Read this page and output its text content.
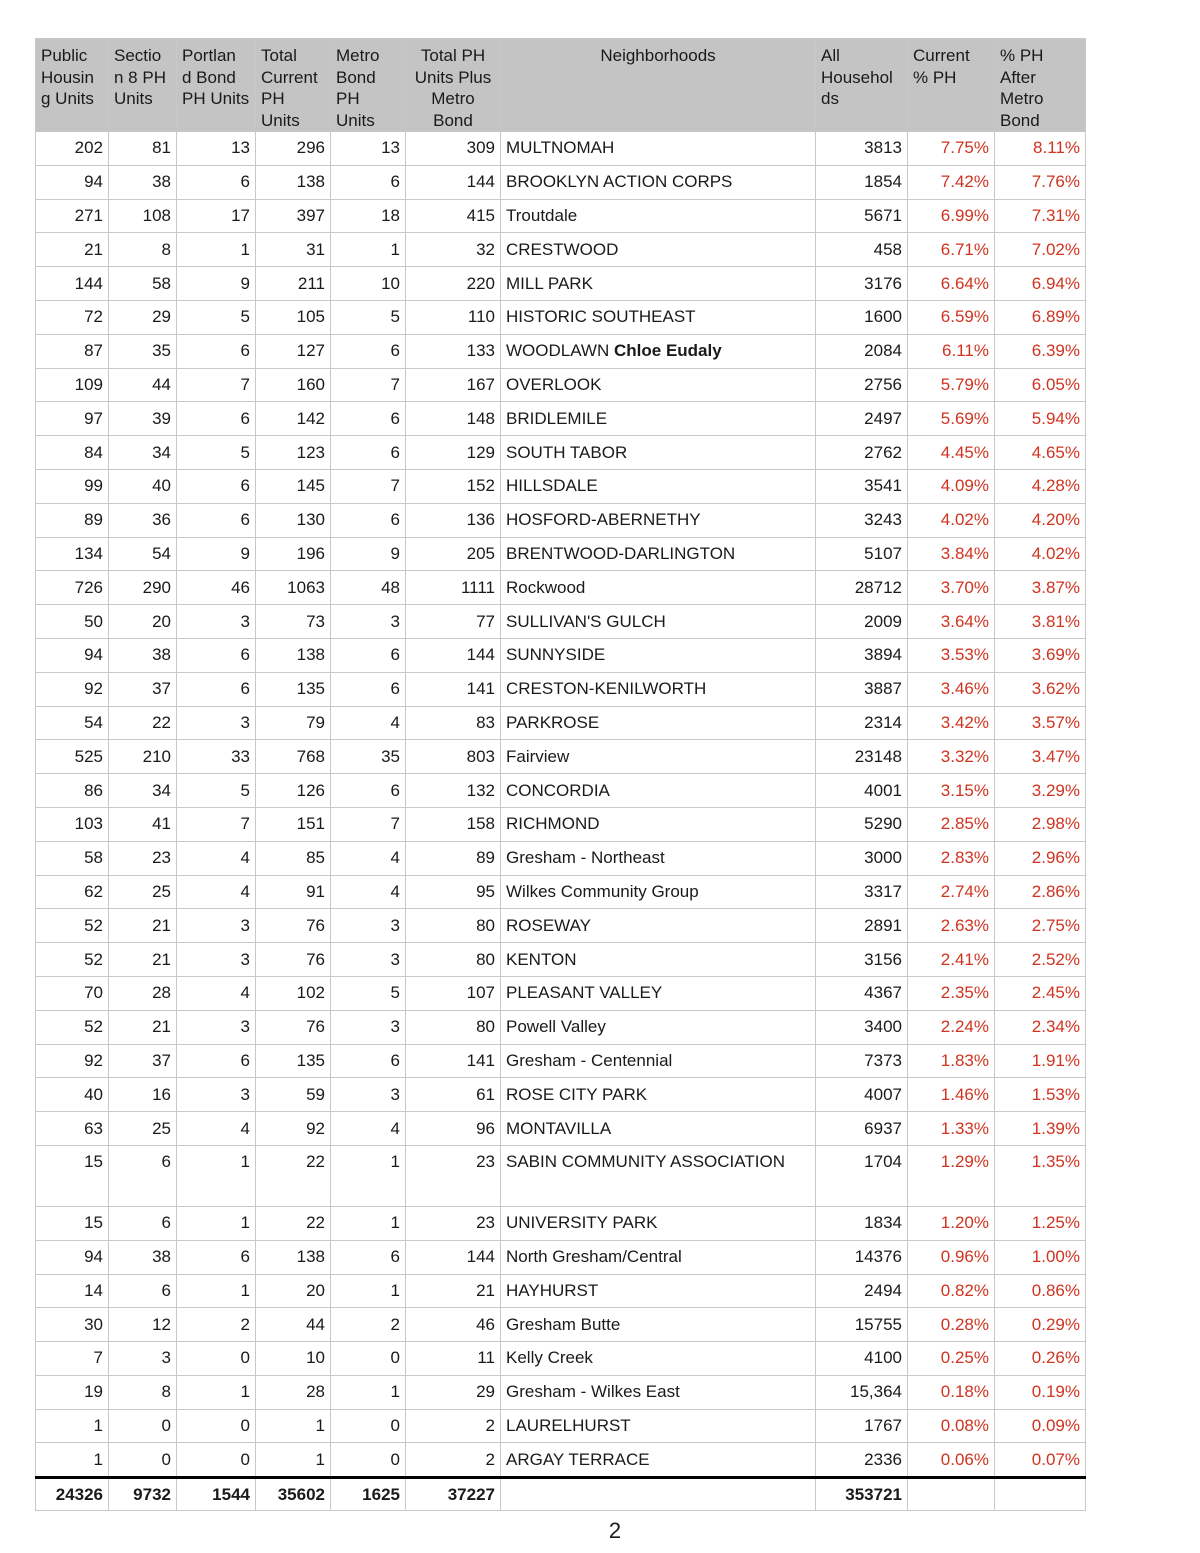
Public Housin g Units	Sectio n 8 PH Units	Portlan d Bond PH Units	Total Current PH Units	Metro Bond PH Units	Total PH Units Plus Metro Bond	Neighborhoods	All Househol ds	Current % PH	% PH After Metro Bond
202	81	13	296	13	309	MULTNOMAH	3813	7.75%	8.11%
94	38	6	138	6	144	BROOKLYN ACTION CORPS	1854	7.42%	7.76%
271	108	17	397	18	415	Troutdale	5671	6.99%	7.31%
21	8	1	31	1	32	CRESTWOOD	458	6.71%	7.02%
144	58	9	211	10	220	MILL PARK	3176	6.64%	6.94%
72	29	5	105	5	110	HISTORIC SOUTHEAST	1600	6.59%	6.89%
87	35	6	127	6	133	WOODLAWN Chloe Eudaly	2084	6.11%	6.39%
109	44	7	160	7	167	OVERLOOK	2756	5.79%	6.05%
97	39	6	142	6	148	BRIDLEMILE	2497	5.69%	5.94%
84	34	5	123	6	129	SOUTH TABOR	2762	4.45%	4.65%
99	40	6	145	7	152	HILLSDALE	3541	4.09%	4.28%
89	36	6	130	6	136	HOSFORD-ABERNETHY	3243	4.02%	4.20%
134	54	9	196	9	205	BRENTWOOD-DARLINGTON	5107	3.84%	4.02%
726	290	46	1063	48	1111	Rockwood	28712	3.70%	3.87%
50	20	3	73	3	77	SULLIVAN'S GULCH	2009	3.64%	3.81%
94	38	6	138	6	144	SUNNYSIDE	3894	3.53%	3.69%
92	37	6	135	6	141	CRESTON-KENILWORTH	3887	3.46%	3.62%
54	22	3	79	4	83	PARKROSE	2314	3.42%	3.57%
525	210	33	768	35	803	Fairview	23148	3.32%	3.47%
86	34	5	126	6	132	CONCORDIA	4001	3.15%	3.29%
103	41	7	151	7	158	RICHMOND	5290	2.85%	2.98%
58	23	4	85	4	89	Gresham - Northeast	3000	2.83%	2.96%
62	25	4	91	4	95	Wilkes Community Group	3317	2.74%	2.86%
52	21	3	76	3	80	ROSEWAY	2891	2.63%	2.75%
52	21	3	76	3	80	KENTON	3156	2.41%	2.52%
70	28	4	102	5	107	PLEASANT VALLEY	4367	2.35%	2.45%
52	21	3	76	3	80	Powell Valley	3400	2.24%	2.34%
92	37	6	135	6	141	Gresham - Centennial	7373	1.83%	1.91%
40	16	3	59	3	61	ROSE CITY PARK	4007	1.46%	1.53%
63	25	4	92	4	96	MONTAVILLA	6937	1.33%	1.39%
15	6	1	22	1	23	SABIN COMMUNITY ASSOCIATION	1704	1.29%	1.35%
15	6	1	22	1	23	UNIVERSITY PARK	1834	1.20%	1.25%
94	38	6	138	6	144	North Gresham/Central	14376	0.96%	1.00%
14	6	1	20	1	21	HAYHURST	2494	0.82%	0.86%
30	12	2	44	2	46	Gresham Butte	15755	0.28%	0.29%
7	3	0	10	0	11	Kelly Creek	4100	0.25%	0.26%
19	8	1	28	1	29	Gresham - Wilkes East	15,364	0.18%	0.19%
1	0	0	1	0	2	LAURELHURST	1767	0.08%	0.09%
1	0	0	1	0	2	ARGAY TERRACE	2336	0.06%	0.07%
24326	9732	1544	35602	1625	37227		353721		
2
